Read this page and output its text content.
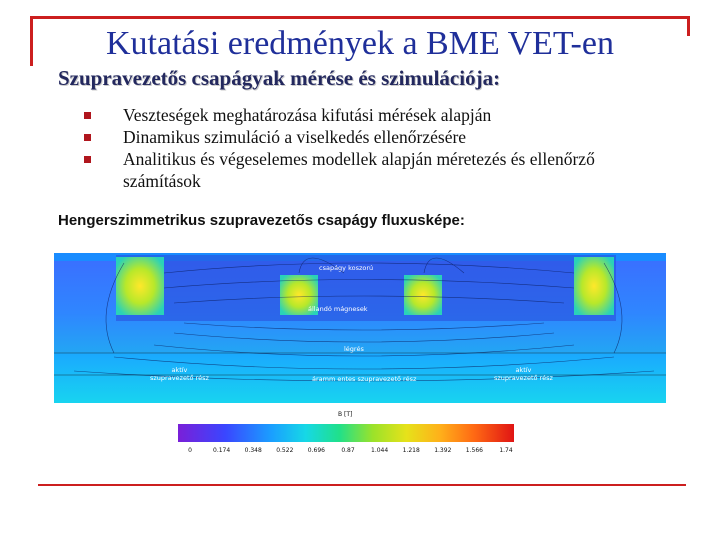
Kutatási eredmények a BME VET-en
Szupravezetős csapágyak mérése és szimulációja:
Veszteségek meghatározása kifutási mérések alapján
Dinamikus szimuláció a viselkedés ellenőrzésére
Analitikus és végeselemes modellek alapján méretezés és ellenőrző számítások
Hengerszimmetrikus szupravezetős csapágy fluxusképe:
csapágy koszorú
állandó mágnesek
légrés
aktív
szupravezető rész
aktív
szupravezető rész
áramm entes szupravezető rész
B [T]
0	0.174 0.348 0.522 0.696	0.87	1.044 1.218 1.392 1.566	1.74
